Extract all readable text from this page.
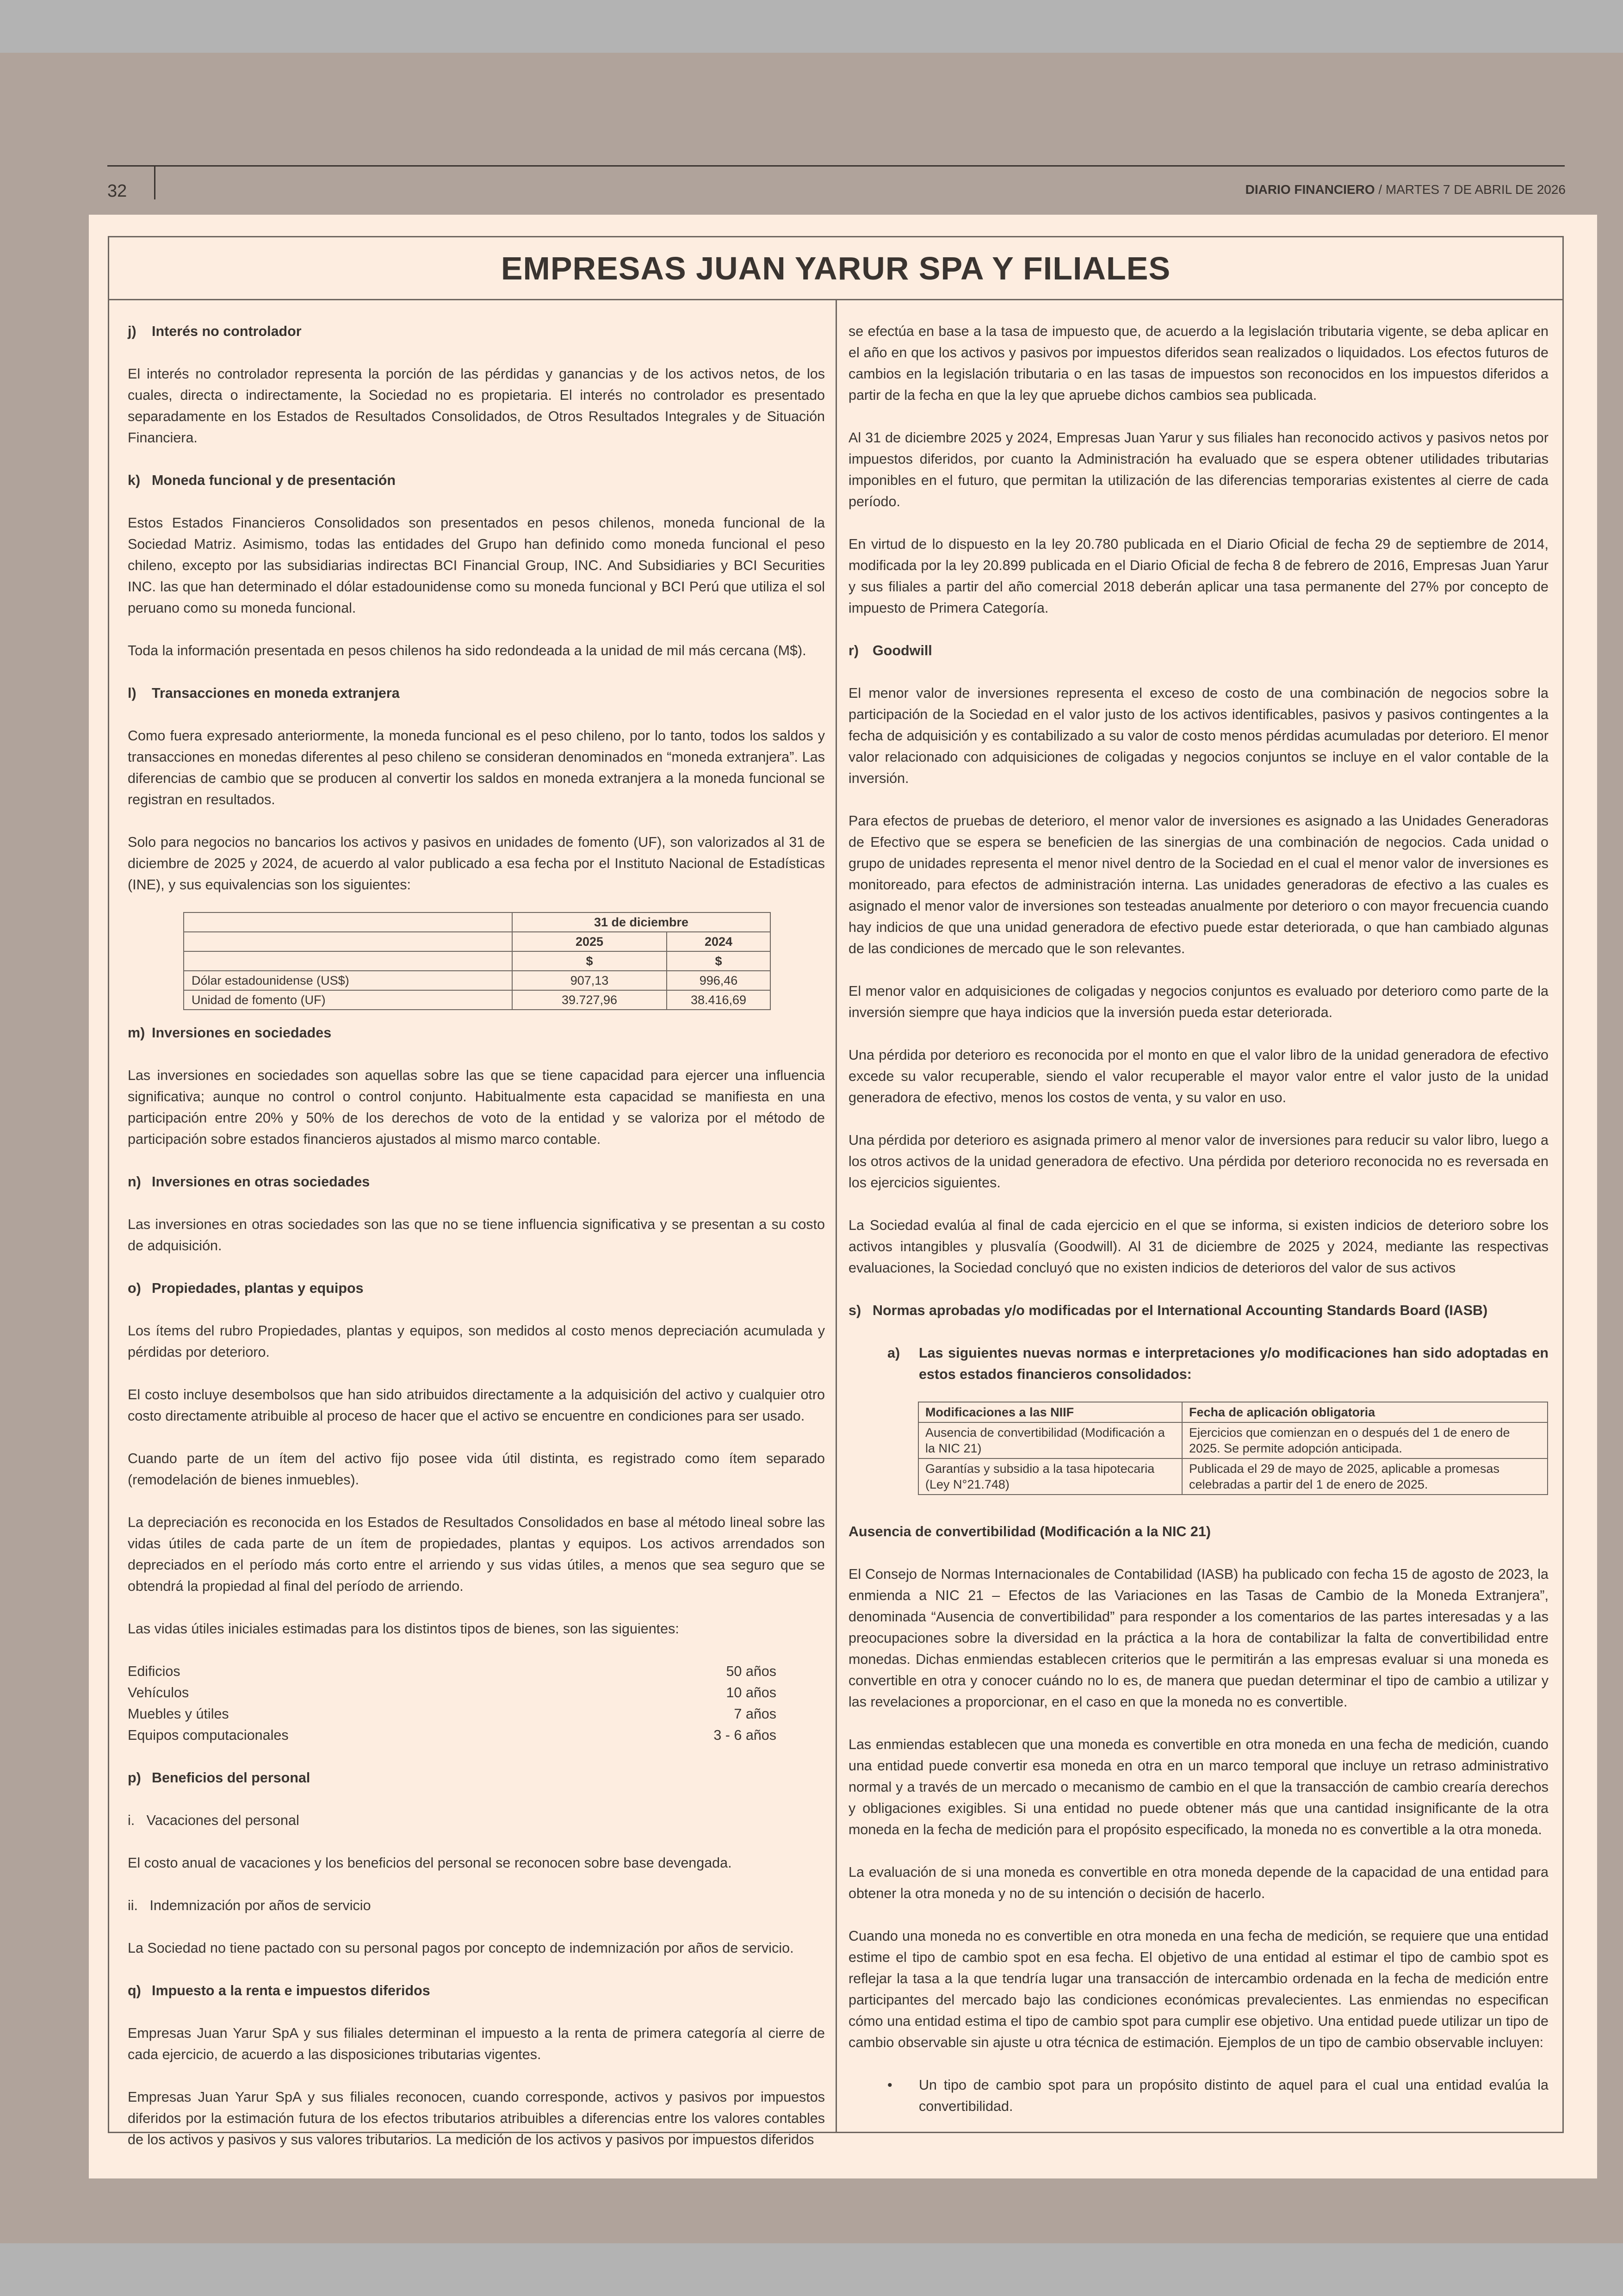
32	DIARIO FINANCIERO / MARTES 7 DE ABRIL DE 2026
EMPRESAS JUAN YARUR SPA Y FILIALES
j) Interés no controlador

El interés no controlador representa la porción de las pérdidas y ganancias y de los activos netos, de los cuales, directa o indirectamente, la Sociedad no es propietaria. El interés no controlador es presentado separadamente en los Estados de Resultados Consolidados, de Otros Resultados Integrales y de Situación Financiera.

k) Moneda funcional y de presentación

Estos Estados Financieros Consolidados son presentados en pesos chilenos, moneda funcional de la Sociedad Matriz. Asimismo, todas las entidades del Grupo han definido como moneda funcional el peso chileno, excepto por las subsidiarias indirectas BCI Financial Group, INC. And Subsidiaries y BCI Securities INC. las que han determinado el dólar estadounidense como su moneda funcional y BCI Perú que utiliza el sol peruano como su moneda funcional.

Toda la información presentada en pesos chilenos ha sido redondeada a la unidad de mil más cercana (M$).

l) Transacciones en moneda extranjera

Como fuera expresado anteriormente, la moneda funcional es el peso chileno, por lo tanto, todos los saldos y transacciones en monedas diferentes al peso chileno se consideran denominados en “moneda extranjera”. Las diferencias de cambio que se producen al convertir los saldos en moneda extranjera a la moneda funcional se registran en resultados.

Solo para negocios no bancarios los activos y pasivos en unidades de fomento (UF), son valorizados al 31 de diciembre de 2025 y 2024, de acuerdo al valor publicado a esa fecha por el Instituto Nacional de Estadísticas (INE), y sus equivalencias son los siguientes:

	31 de diciembre	
	2025	2024
	$	$
Dólar estadounidense (US$)	907,13	996,46
Unidad de fomento (UF)	39.727,96	38.416,69
m) Inversiones en sociedades

Las inversiones en sociedades son aquellas sobre las que se tiene capacidad para ejercer una influencia significativa; aunque no control o control conjunto. Habitualmente esta capacidad se manifiesta en una participación entre 20% y 50% de los derechos de voto de la entidad y se valoriza por el método de participación sobre estados financieros ajustados al mismo marco contable.

n) Inversiones en otras sociedades

Las inversiones en otras sociedades son las que no se tiene influencia significativa y se presentan a su costo de adquisición.

o) Propiedades, plantas y equipos

Los ítems del rubro Propiedades, plantas y equipos, son medidos al costo menos depreciación acumulada y pérdidas por deterioro.

El costo incluye desembolsos que han sido atribuidos directamente a la adquisición del activo y cualquier otro costo directamente atribuible al proceso de hacer que el activo se encuentre en condiciones para ser usado.

Cuando parte de un ítem del activo fijo posee vida útil distinta, es registrado como ítem separado (remodelación de bienes inmuebles).

La depreciación es reconocida en los Estados de Resultados Consolidados en base al método lineal sobre las vidas útiles de cada parte de un ítem de propiedades, plantas y equipos. Los activos arrendados son depreciados en el período más corto entre el arriendo y sus vidas útiles, a menos que sea seguro que se obtendrá la propiedad al final del período de arriendo.

Las vidas útiles iniciales estimadas para los distintos tipos de bienes, son las siguientes:

Edificios	50 años
Vehículos	10 años
Muebles y útiles	7 años
Equipos computacionales	3 - 6 años
p) Beneficios del personal

i.   Vacaciones del personal

El costo anual de vacaciones y los beneficios del personal se reconocen sobre base devengada.

ii.   Indemnización por años de servicio

La Sociedad no tiene pactado con su personal pagos por concepto de indemnización por años de servicio.

q) Impuesto a la renta e impuestos diferidos

Empresas Juan Yarur SpA y sus filiales determinan el impuesto a la renta de primera categoría al cierre de cada ejercicio, de acuerdo a las disposiciones tributarias vigentes.

Empresas Juan Yarur SpA y sus filiales reconocen, cuando corresponde, activos y pasivos por impuestos diferidos por la estimación futura de los efectos tributarios atribuibles a diferencias entre los valores contables de los activos y pasivos y sus valores tributarios. La medición de los activos y pasivos por impuestos diferidos

se efectúa en base a la tasa de impuesto que, de acuerdo a la legislación tributaria vigente, se deba aplicar en el año en que los activos y pasivos por impuestos diferidos sean realizados o liquidados. Los efectos futuros de cambios en la legislación tributaria o en las tasas de impuestos son reconocidos en los impuestos diferidos a partir de la fecha en que la ley que apruebe dichos cambios sea publicada.

Al 31 de diciembre 2025 y 2024, Empresas Juan Yarur y sus filiales han reconocido activos y pasivos netos por impuestos diferidos, por cuanto la Administración ha evaluado que se espera obtener utilidades tributarias imponibles en el futuro, que permitan la utilización de las diferencias temporarias existentes al cierre de cada período.

En virtud de lo dispuesto en la ley 20.780 publicada en el Diario Oficial de fecha 29 de septiembre de 2014, modificada por la ley 20.899 publicada en el Diario Oficial de fecha 8 de febrero de 2016, Empresas Juan Yarur y sus filiales a partir del año comercial 2018 deberán aplicar una tasa permanente del 27% por concepto de impuesto de Primera Categoría.

r) Goodwill

El menor valor de inversiones representa el exceso de costo de una combinación de negocios sobre la participación de la Sociedad en el valor justo de los activos identificables, pasivos y pasivos contingentes a la fecha de adquisición y es contabilizado a su valor de costo menos pérdidas acumuladas por deterioro. El menor valor relacionado con adquisiciones de coligadas y negocios conjuntos se incluye en el valor contable de la inversión.

Para efectos de pruebas de deterioro, el menor valor de inversiones es asignado a las Unidades Generadoras de Efectivo que se espera se beneficien de las sinergias de una combinación de negocios. Cada unidad o grupo de unidades representa el menor nivel dentro de la Sociedad en el cual el menor valor de inversiones es monitoreado, para efectos de administración interna. Las unidades generadoras de efectivo a las cuales es asignado el menor valor de inversiones son testeadas anualmente por deterioro o con mayor frecuencia cuando hay indicios de que una unidad generadora de efectivo puede estar deteriorada, o que han cambiado algunas de las condiciones de mercado que le son relevantes.

El menor valor en adquisiciones de coligadas y negocios conjuntos es evaluado por deterioro como parte de la inversión siempre que haya indicios que la inversión pueda estar deteriorada.

Una pérdida por deterioro es reconocida por el monto en que el valor libro de la unidad generadora de efectivo excede su valor recuperable, siendo el valor recuperable el mayor valor entre el valor justo de la unidad generadora de efectivo, menos los costos de venta, y su valor en uso.

Una pérdida por deterioro es asignada primero al menor valor de inversiones para reducir su valor libro, luego a los otros activos de la unidad generadora de efectivo. Una pérdida por deterioro reconocida no es reversada en los ejercicios siguientes.

La Sociedad evalúa al final de cada ejercicio en el que se informa, si existen indicios de deterioro sobre los activos intangibles y plusvalía (Goodwill). Al 31 de diciembre de 2025 y 2024, mediante las respectivas evaluaciones, la Sociedad concluyó que no existen indicios de deterioros del valor de sus activos

s) Normas aprobadas y/o modificadas por el International Accounting Standards Board (IASB)
a)	Las siguientes nuevas normas e interpretaciones y/o modificaciones han sido adoptadas en estos estados financieros consolidados:
Modificaciones a las NIIF	Fecha de aplicación obligatoria
Ausencia de convertibilidad (Modificación a la NIC 21)	Ejercicios que comienzan en o después del 1 de enero de 2025. Se permite adopción anticipada.
Garantías y subsidio a la tasa hipotecaria (Ley N°21.748)	Publicada el 29 de mayo de 2025, aplicable a promesas celebradas a partir del 1 de enero de 2025.
Ausencia de convertibilidad (Modificación a la NIC 21)

El Consejo de Normas Internacionales de Contabilidad (IASB) ha publicado con fecha 15 de agosto de 2023, la enmienda a NIC 21 – Efectos de las Variaciones en las Tasas de Cambio de la Moneda Extranjera”, denominada “Ausencia de convertibilidad” para responder a los comentarios de las partes interesadas y a las preocupaciones sobre la diversidad en la práctica a la hora de contabilizar la falta de convertibilidad entre monedas. Dichas enmiendas establecen criterios que le permitirán a las empresas evaluar si una moneda es convertible en otra y conocer cuándo no lo es, de manera que puedan determinar el tipo de cambio a utilizar y las revelaciones a proporcionar, en el caso en que la moneda no es convertible.

Las enmiendas establecen que una moneda es convertible en otra moneda en una fecha de medición, cuando una entidad puede convertir esa moneda en otra en un marco temporal que incluye un retraso administrativo normal y a través de un mercado o mecanismo de cambio en el que la transacción de cambio crearía derechos y obligaciones exigibles. Si una entidad no puede obtener más que una cantidad insignificante de la otra moneda en la fecha de medición para el propósito especificado, la moneda no es convertible a la otra moneda.

La evaluación de si una moneda es convertible en otra moneda depende de la capacidad de una entidad para obtener la otra moneda y no de su intención o decisión de hacerlo.

Cuando una moneda no es convertible en otra moneda en una fecha de medición, se requiere que una entidad estime el tipo de cambio spot en esa fecha. El objetivo de una entidad al estimar el tipo de cambio spot es reflejar la tasa a la que tendría lugar una transacción de intercambio ordenada en la fecha de medición entre participantes del mercado bajo las condiciones económicas prevalecientes. Las enmiendas no especifican cómo una entidad estima el tipo de cambio spot para cumplir ese objetivo. Una entidad puede utilizar un tipo de cambio observable sin ajuste u otra técnica de estimación. Ejemplos de un tipo de cambio observable incluyen:

•	Un tipo de cambio spot para un propósito distinto de aquel para el cual una entidad evalúa la convertibilidad.
